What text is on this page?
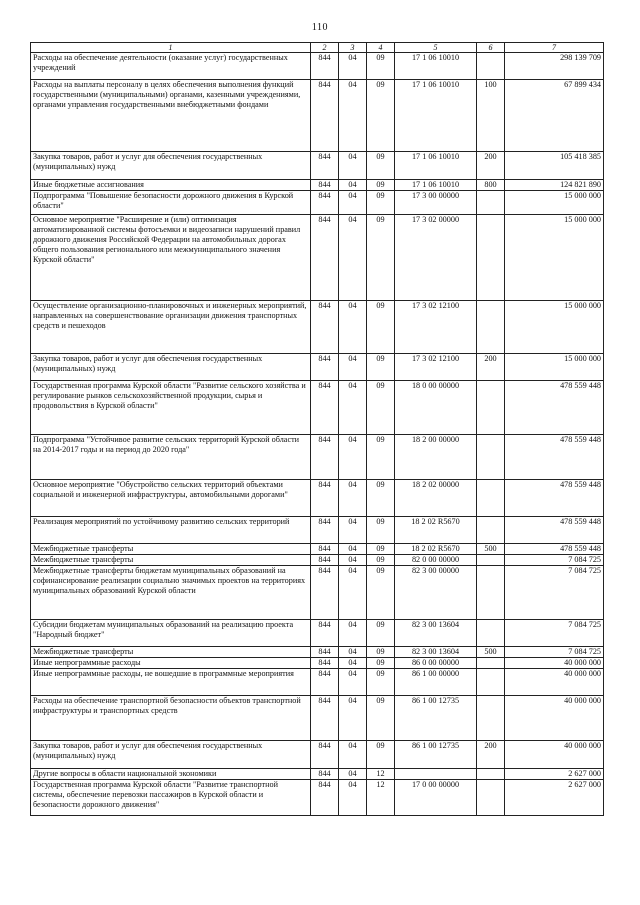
110
1	2	3	4	5	6	7
Расходы на обеспечение деятельности (оказание услуг) государственных учреждений	844	04	09	17 1 06 10010		298 139 709
Расходы на выплаты персоналу в целях обеспечения выполнения функций государственными (муниципальными) органами, казенными учреждениями, органами управления государственными внебюджетными фондами	844	04	09	17 1 06 10010	100	67 899 434
Закупка товаров, работ и услуг для обеспечения государственных (муниципальных) нужд	844	04	09	17 1 06 10010	200	105 418 385
Иные бюджетные ассигнования	844	04	09	17 1 06 10010	800	124 821 890
Подпрограмма "Повышение безопасности дорожного движения в Курской области"	844	04	09	17 3 00 00000		15 000 000
Основное мероприятие "Расширение и (или) оптимизация автоматизированной системы фотосъемки и видеозаписи нарушений правил дорожного движения Российской Федерации на автомобильных дорогах общего пользования регионального или межмуниципального значения Курской области"	844	04	09	17 3 02 00000		15 000 000
Осуществление организационно-планировочных и инженерных мероприятий, направленных на совершенствование организации движения транспортных средств и пешеходов	844	04	09	17 3 02 12100		15 000 000
Закупка товаров, работ и услуг для обеспечения государственных (муниципальных) нужд	844	04	09	17 3 02 12100	200	15 000 000
Государственная программа Курской области "Развитие сельского хозяйства и регулирование рынков сельскохозяйственной продукции, сырья и продовольствия в Курской области"	844	04	09	18 0 00 00000		478 559 448
Подпрограмма "Устойчивое развитие сельских территорий Курской области на 2014-2017 годы и на период до 2020 года"	844	04	09	18 2 00 00000		478 559 448
Основное мероприятие "Обустройство сельских территорий объектами социальной и инженерной инфраструктуры, автомобильными дорогами"	844	04	09	18 2 02 00000		478 559 448
Реализация мероприятий по устойчивому развитию сельских территорий	844	04	09	18 2 02 R5670		478 559 448
Межбюджетные трансферты	844	04	09	18 2 02 R5670	500	478 559 448
Межбюджетные трансферты	844	04	09	82 0 00 00000		7 084 725
Межбюджетные трансферты бюджетам муниципальных образований на софинансирование реализации социально значимых проектов на территориях муниципальных образований Курской области	844	04	09	82 3 00 00000		7 084 725
Субсидии бюджетам муниципальных образований на реализацию проекта "Народный бюджет"	844	04	09	82 3 00 13604		7 084 725
Межбюджетные трансферты	844	04	09	82 3 00 13604	500	7 084 725
Иные непрограммные расходы	844	04	09	86 0 00 00000		40 000 000
Иные непрограммные расходы, не вошедшие в программные мероприятия	844	04	09	86 1 00 00000		40 000 000
Расходы на обеспечение транспортной безопасности объектов транспортной инфраструктуры и транспортных средств	844	04	09	86 1 00 12735		40 000 000
Закупка товаров, работ и услуг для обеспечения государственных (муниципальных) нужд	844	04	09	86 1 00 12735	200	40 000 000
Другие вопросы в области национальной экономики	844	04	12			2 627 000
Государственная программа Курской области "Развитие транспортной системы, обеспечение перевозки пассажиров в Курской области и безопасности дорожного движения"	844	04	12	17 0 00 00000		2 627 000
